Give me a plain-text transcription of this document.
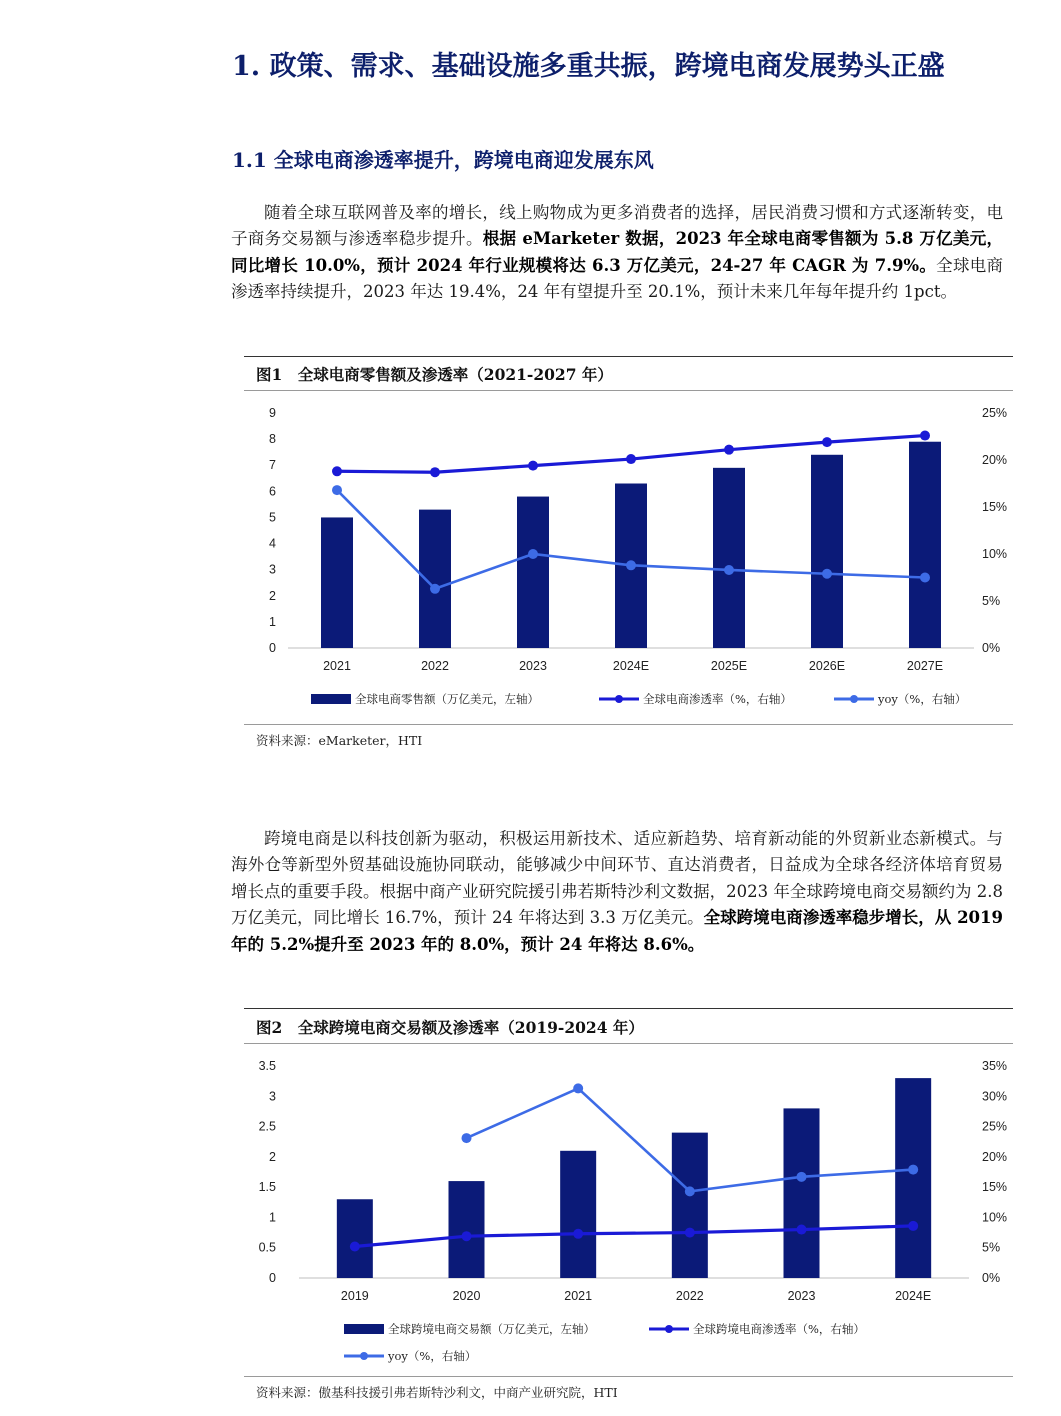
1. 政策、需求、基础设施多重共振，跨境电商发展势头正盛
1.1 全球电商渗透率提升，跨境电商迎发展东风

随着全球互联网普及率的增长，线上购物成为更多消费者的选择，居民消费习惯和方式逐渐转变，电子商务交易额与渗透率稳步提升。根据 eMarketer 数据，2023 年全球电商零售额为 5.8 万亿美元，同比增长 10.0%，预计 2024 年行业规模将达 6.3 万亿美元，24-27 年 CAGR 为 7.9%。全球电商渗透率持续提升，2023 年达 19.4%，24 年有望提升至 20.1%，预计未来几年每年提升约 1pct。

图1　全球电商零售额及渗透率（2021-2027 年）

0
1
2
3
4
5
6
7
8
9
0%
5%
10%
15%
20%
25%
2021	2022	2023	2024E	2025E	2026E	2027E
全球电商零售额（万亿美元，左轴）	全球电商渗透率（%，右轴）	yoy（%，右轴）

资料来源：eMarketer，HTI

跨境电商是以科技创新为驱动，积极运用新技术、适应新趋势、培育新动能的外贸新业态新模式。与海外仓等新型外贸基础设施协同联动，能够减少中间环节、直达消费者，日益成为全球各经济体培育贸易增长点的重要手段。根据中商产业研究院援引弗若斯特沙利文数据，2023 年全球跨境电商交易额约为 2.8 万亿美元，同比增长 16.7%，预计 24 年将达到 3.3 万亿美元。全球跨境电商渗透率稳步增长，从 2019 年的 5.2%提升至 2023 年的 8.0%，预计 24 年将达 8.6%。

图2　全球跨境电商交易额及渗透率（2019-2024 年）

0
0.5
1
1.5
2
2.5
3
3.5
0%
5%
10%
15%
20%
25%
30%
35%
2019	2020	2021	2022	2023	2024E
全球跨境电商交易额（万亿美元，左轴）	全球跨境电商渗透率（%，右轴）
yoy（%，右轴）

资料来源：傲基科技援引弗若斯特沙利文，中商产业研究院，HTI
